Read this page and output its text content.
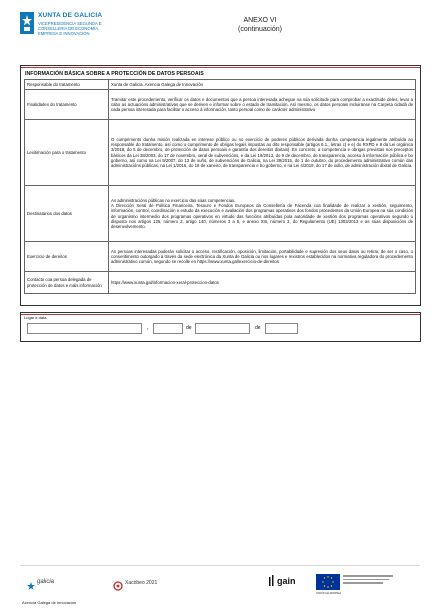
XUNTA DE GALICIA
VICEPRESIDENCIA SEGUNDA E
CONSELLERÍA DE ECONOMÍA,
EMPRESA E INNOVACIÓN
ANEXO VI
(continuación)
INFORMACIÓN BÁSICA SOBRE A PROTECCIÓN DE DATOS PERSOAIS
Responsable do tratamento	Xunta de Galicia. Axencia Galega de Innovación
Finalidades do tratamento	Tramitar este procedemento, verificar os datos e documentos que a persoa interesada achegue na súa solicitude para comprobar a exactitude deles, levar a cabo as actuacións administrativas que se deriven e informar sobre o estado de tramitación. Así mesmo, os datos persoais incluiranse na Carpeta cidadá de cada persoa interesada para facilitar o acceso á información, tanto persoal como de carácter administrativo
Lexitimación para o tratamento	O cumprimento dunha misión realizada en interese público ou no exercicio de poderes públicos derivada dunha competencia legalmente atribuída ao responsable do tratamento, así como o cumprimento de obrigas legais impostas ao dito responsable (artigos 6.1., letras c) e e) do RXPD e 8 da Lei orgánica 3/2018, do 5 de decembro, de protección de datos persoais e garantía dos dereitos dixitais). En concreto, a competencia e obrigas previstas nos preceptos básicos da Lei 38/2003, do 17 de novembro, xeral de subvencións, e da Lei 19/2013, do 9 de decembro, de transparencia, acceso á información pública e bo goberno, así como na Lei 9/2007, do 13 de xuño, de subvencións de Galicia, na Lei 39/2015, do 1 de outubro, do procedemento administrativo común das administracións públicas, na Lei 1/2016, do 18 de xaneiro, de transparencia e bo goberno, e na Lei 4/2019, do 17 de xullo, de administración dixital de Galicia.
Destinatarios dos datos	As administracións públicas no exercicio das súas competencias.
A Dirección Xeral de Política Financeira, Tesouro e Fondos Europeos da Consellería de Facenda coa finalidade de realizar a xestión, seguimento, información, control, coordinación e estudo da execución e avaliación dos programas operativos dos fondos procedentes da Unión Europea na súa condición de organismo intermedio dos programas operativos en virtude das funcións atribuídas pola autoridade de xestión dos programas operativos segundo o disposto nos artigos 125, número 2, artigo 140, números 3 a 5, e anexo XIII, número 3, do Regulamento (UE) 1303/2013 e as súas disposicións de desenvolvemento.
Exercicio de dereitos	As persoas interesadas poderán solicitar o acceso, rectificación, oposición, limitación, portabilidade e supresión dos seus datos ou retirar, de ser o caso, o consentimento outorgado a través da sede electrónica da Xunta de Galicia ou nos lugares e rexistros establecidos na normativa reguladora do procedemento administrativo común, segundo se recolle en https://www.xunta.gal/exercicio-de-dereitos
Contacto coa persoa delegada de protección de datos e máis información	https://www.xunta.gal/informacion-xeral-proteccion-datos
Lugar e data
,	de	de
galicia	Xacobeo 2021	gain
UNIÓN EUROPEA
Axencia Galega de Innovación
